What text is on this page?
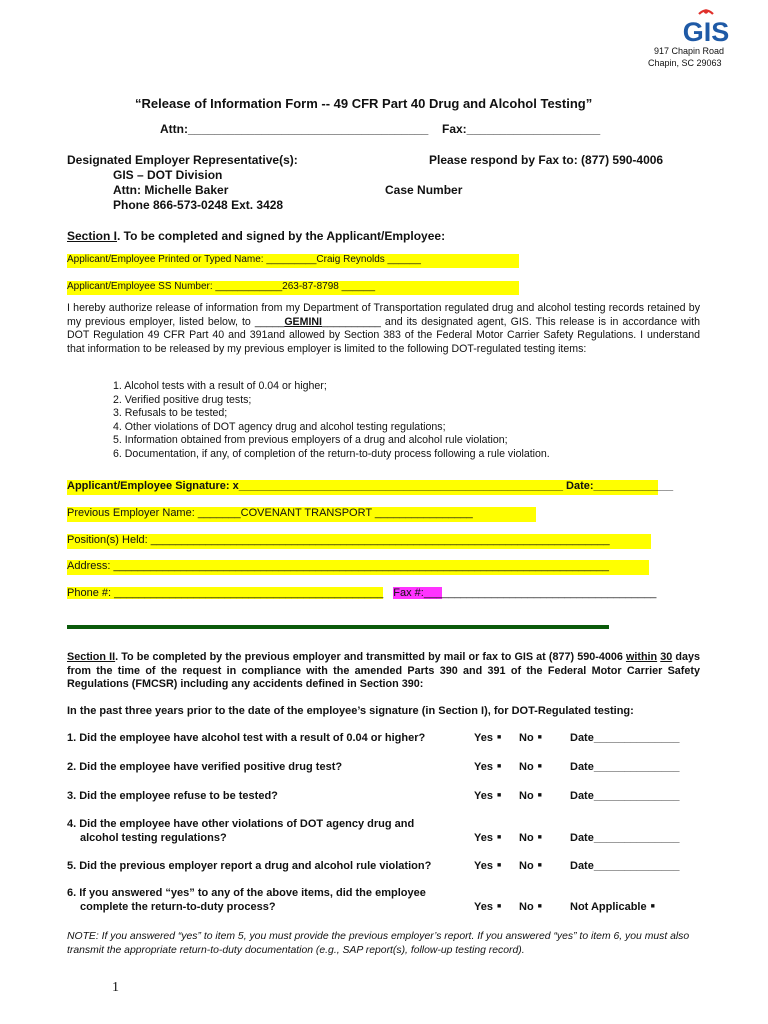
GIS
917 Chapin Road
Chapin, SC 29063
“Release of Information Form -- 49 CFR Part 40 Drug and Alcohol Testing”
Attn:____________________________________ Fax:____________________
Designated Employer Representative(s):
GIS – DOT Division
Attn: Michelle Baker
Phone 866-573-0248 Ext. 3428
Please respond by Fax to: (877) 590-4006
Case Number
Section I. To be completed and signed by the Applicant/Employee:
Applicant/Employee Printed or Typed Name: _________Craig Reynolds ______
Applicant/Employee SS Number: ____________263-87-8798 ______
I hereby authorize release of information from my Department of Transportation regulated drug and alcohol testing records retained by my previous employer, listed below, to _____GEMINI__________ and its designated agent, GIS. This release is in accordance with DOT Regulation 49 CFR Part 40 and 391and allowed by Section 383 of the Federal Motor Carrier Safety Regulations. I understand that information to be released by my previous employer is limited to the following DOT-regulated testing items:
1. Alcohol tests with a result of 0.04 or higher;
2. Verified positive drug tests;
3. Refusals to be tested;
4. Other violations of DOT agency drug and alcohol testing regulations;
5. Information obtained from previous employers of a drug and alcohol rule violation;
6. Documentation, if any, of completion of the return-to-duty process following a rule violation.
Applicant/Employee Signature: x_____________________________________________________ Date:_____________
Previous Employer Name: _______COVENANT TRANSPORT ________________
Position(s) Held: ___________________________________________________________________________
Address: _________________________________________________________________________________
Phone #: ____________________________________________ Fax #:______________________________________
Section II. To be completed by the previous employer and transmitted by mail or fax to GIS at (877) 590-4006 within 30 days from the time of the request in compliance with the amended Parts 390 and 391 of the Federal Motor Carrier Safety Regulations (FMCSR) including any accidents defined in Section 390:
In the past three years prior to the date of the employee’s signature (in Section I), for DOT-Regulated testing:
1. Did the employee have alcohol test with a result of 0.04 or higher?	Yes ■ No ■	Date______________
2. Did the employee have verified positive drug test?	Yes ■ No ■	Date______________
3. Did the employee refuse to be tested?	Yes ■ No ■	Date______________
4. Did the employee have other violations of DOT agency drug and
alcohol testing regulations?	Yes ■ No ■	Date______________
5. Did the previous employer report a drug and alcohol rule violation?	Yes ■ No ■	Date______________
6. If you answered “yes” to any of the above items, did the employee
complete the return-to-duty process?	Yes ■ No ■	Not Applicable ■
NOTE: If you answered “yes” to item 5, you must provide the previous employer’s report. If you answered “yes” to item 6, you must also transmit the appropriate return-to-duty documentation (e.g., SAP report(s), follow-up testing record).
1
